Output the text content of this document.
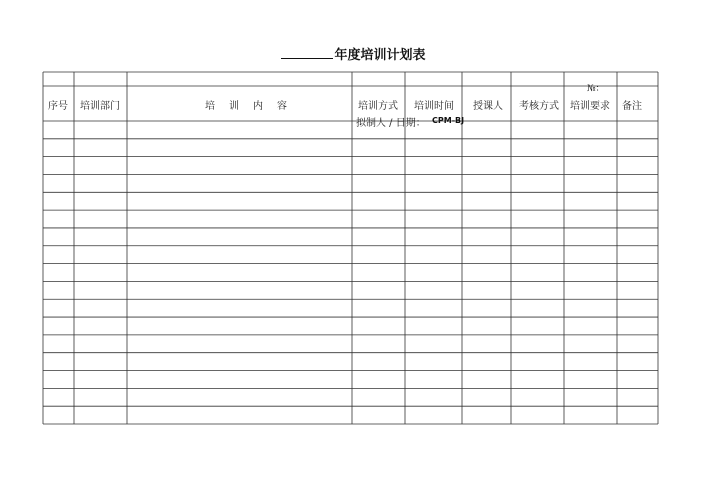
年度培训计划表
№：
序号 培训部门	培训内容	培训方式 培训时间 授课人 考核方式 培训要求 备注
拟制人 / 日期： CPM-BJ
